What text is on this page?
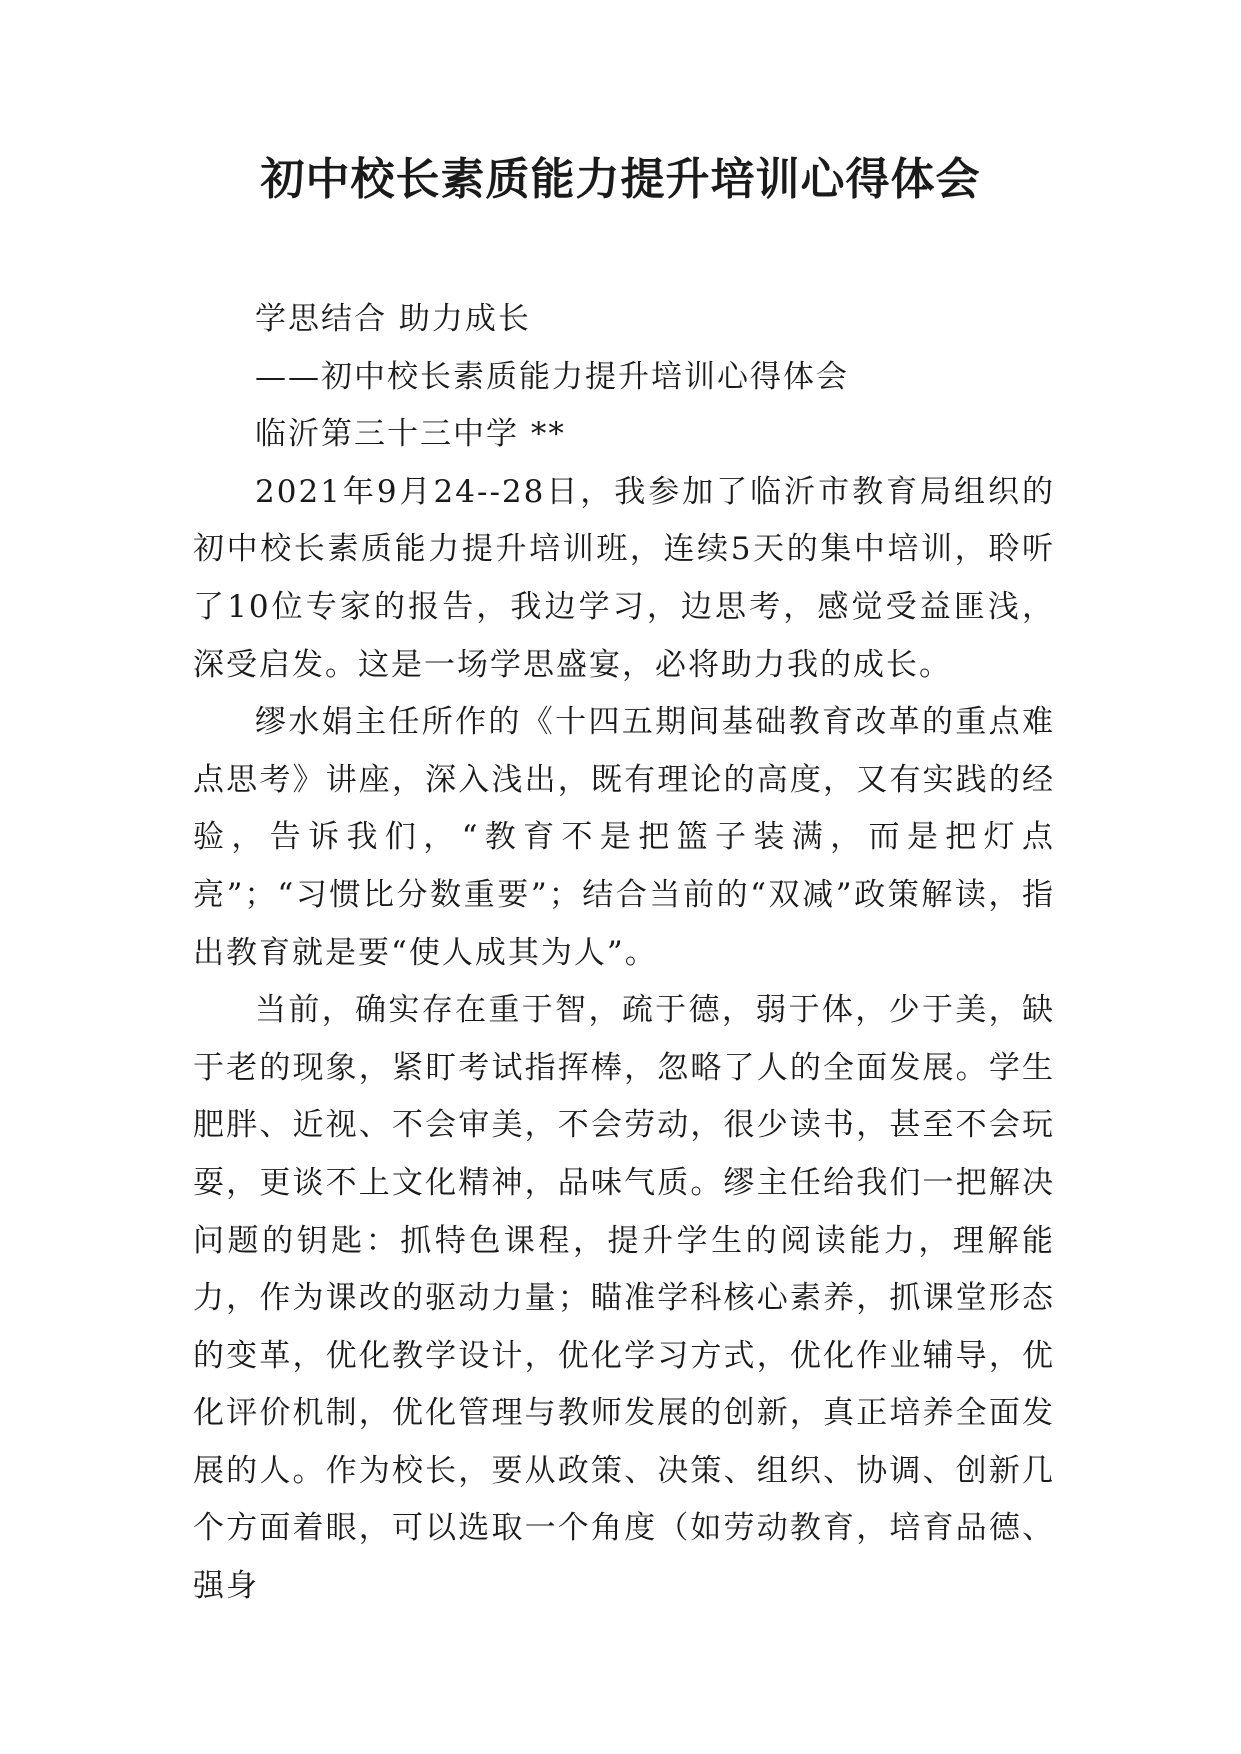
初中校长素质能力提升培训心得体会

学思结合 助力成长

——初中校长素质能力提升培训心得体会

临沂第三十三中学 **

2021年9月24--28日，我参加了临沂市教育局组织的初中校长素质能力提升培训班，连续5天的集中培训，聆听了10位专家的报告，我边学习，边思考，感觉受益匪浅，深受启发。这是一场学思盛宴，必将助力我的成长。

缪水娟主任所作的《十四五期间基础教育改革的重点难点思考》讲座，深入浅出，既有理论的高度，又有实践的经验，告诉我们，“教育不是把篮子装满，而是把灯点亮”；“习惯比分数重要”；结合当前的“双减”政策解读，指出教育就是要“使人成其为人”。

当前，确实存在重于智，疏于德，弱于体，少于美，缺于老的现象，紧盯考试指挥棒，忽略了人的全面发展。学生肥胖、近视、不会审美，不会劳动，很少读书，甚至不会玩耍，更谈不上文化精神，品味气质。缪主任给我们一把解决问题的钥匙：抓特色课程，提升学生的阅读能力，理解能力，作为课改的驱动力量；瞄准学科核心素养，抓课堂形态的变革，优化教学设计，优化学习方式，优化作业辅导，优化评价机制，优化管理与教师发展的创新，真正培养全面发展的人。作为校长，要从政策、决策、组织、协调、创新几个方面着眼，可以选取一个角度（如劳动教育，培育品德、强身
